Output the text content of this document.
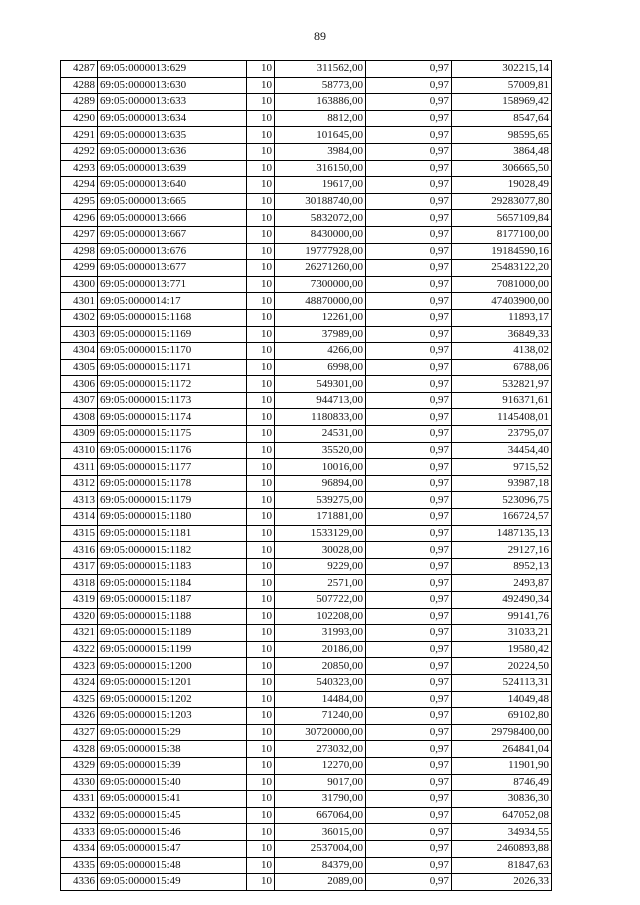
89
4287	69:05:0000013:629	10	311562,00	0,97	302215,14
4288	69:05:0000013:630	10	58773,00	0,97	57009,81
4289	69:05:0000013:633	10	163886,00	0,97	158969,42
4290	69:05:0000013:634	10	8812,00	0,97	8547,64
4291	69:05:0000013:635	10	101645,00	0,97	98595,65
4292	69:05:0000013:636	10	3984,00	0,97	3864,48
4293	69:05:0000013:639	10	316150,00	0,97	306665,50
4294	69:05:0000013:640	10	19617,00	0,97	19028,49
4295	69:05:0000013:665	10	30188740,00	0,97	29283077,80
4296	69:05:0000013:666	10	5832072,00	0,97	5657109,84
4297	69:05:0000013:667	10	8430000,00	0,97	8177100,00
4298	69:05:0000013:676	10	19777928,00	0,97	19184590,16
4299	69:05:0000013:677	10	26271260,00	0,97	25483122,20
4300	69:05:0000013:771	10	7300000,00	0,97	7081000,00
4301	69:05:0000014:17	10	48870000,00	0,97	47403900,00
4302	69:05:0000015:1168	10	12261,00	0,97	11893,17
4303	69:05:0000015:1169	10	37989,00	0,97	36849,33
4304	69:05:0000015:1170	10	4266,00	0,97	4138,02
4305	69:05:0000015:1171	10	6998,00	0,97	6788,06
4306	69:05:0000015:1172	10	549301,00	0,97	532821,97
4307	69:05:0000015:1173	10	944713,00	0,97	916371,61
4308	69:05:0000015:1174	10	1180833,00	0,97	1145408,01
4309	69:05:0000015:1175	10	24531,00	0,97	23795,07
4310	69:05:0000015:1176	10	35520,00	0,97	34454,40
4311	69:05:0000015:1177	10	10016,00	0,97	9715,52
4312	69:05:0000015:1178	10	96894,00	0,97	93987,18
4313	69:05:0000015:1179	10	539275,00	0,97	523096,75
4314	69:05:0000015:1180	10	171881,00	0,97	166724,57
4315	69:05:0000015:1181	10	1533129,00	0,97	1487135,13
4316	69:05:0000015:1182	10	30028,00	0,97	29127,16
4317	69:05:0000015:1183	10	9229,00	0,97	8952,13
4318	69:05:0000015:1184	10	2571,00	0,97	2493,87
4319	69:05:0000015:1187	10	507722,00	0,97	492490,34
4320	69:05:0000015:1188	10	102208,00	0,97	99141,76
4321	69:05:0000015:1189	10	31993,00	0,97	31033,21
4322	69:05:0000015:1199	10	20186,00	0,97	19580,42
4323	69:05:0000015:1200	10	20850,00	0,97	20224,50
4324	69:05:0000015:1201	10	540323,00	0,97	524113,31
4325	69:05:0000015:1202	10	14484,00	0,97	14049,48
4326	69:05:0000015:1203	10	71240,00	0,97	69102,80
4327	69:05:0000015:29	10	30720000,00	0,97	29798400,00
4328	69:05:0000015:38	10	273032,00	0,97	264841,04
4329	69:05:0000015:39	10	12270,00	0,97	11901,90
4330	69:05:0000015:40	10	9017,00	0,97	8746,49
4331	69:05:0000015:41	10	31790,00	0,97	30836,30
4332	69:05:0000015:45	10	667064,00	0,97	647052,08
4333	69:05:0000015:46	10	36015,00	0,97	34934,55
4334	69:05:0000015:47	10	2537004,00	0,97	2460893,88
4335	69:05:0000015:48	10	84379,00	0,97	81847,63
4336	69:05:0000015:49	10	2089,00	0,97	2026,33
